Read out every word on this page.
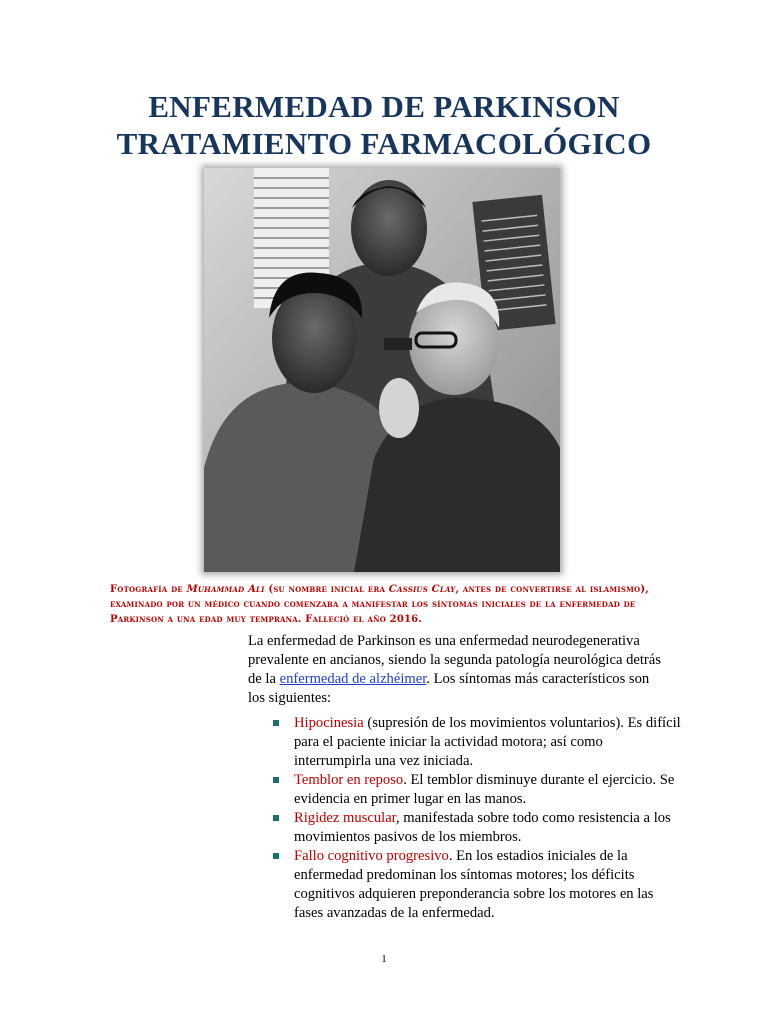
ENFERMEDAD DE PARKINSON
TRATAMIENTO FARMACOLÓGICO
Fotografía de Muhammad Ali (su nombre inicial era Cassius Clay, antes de convertirse al islamismo), examinado por un médico cuando comenzaba a manifestar los síntomas iniciales de la enfermedad de Parkinson a una edad muy temprana. Falleció el año 2016.
La enfermedad de Parkinson es una enfermedad neurodegenerativa prevalente en ancianos, siendo la segunda patología neurológica detrás de la enfermedad de alzhéimer. Los síntomas más característicos son los siguientes:
Hipocinesia (supresión de los movimientos voluntarios). Es difícil para el paciente iniciar la actividad motora; así como interrumpirla una vez iniciada.
Temblor en reposo. El temblor disminuye durante el ejercicio. Se evidencia en primer lugar en las manos.
Rigidez muscular, manifestada sobre todo como resistencia a los movimientos pasivos de los miembros.
Fallo cognitivo progresivo. En los estadios iniciales de la enfermedad predominan los síntomas motores; los déficits cognitivos adquieren preponderancia sobre los motores en las fases avanzadas de la enfermedad.
1
